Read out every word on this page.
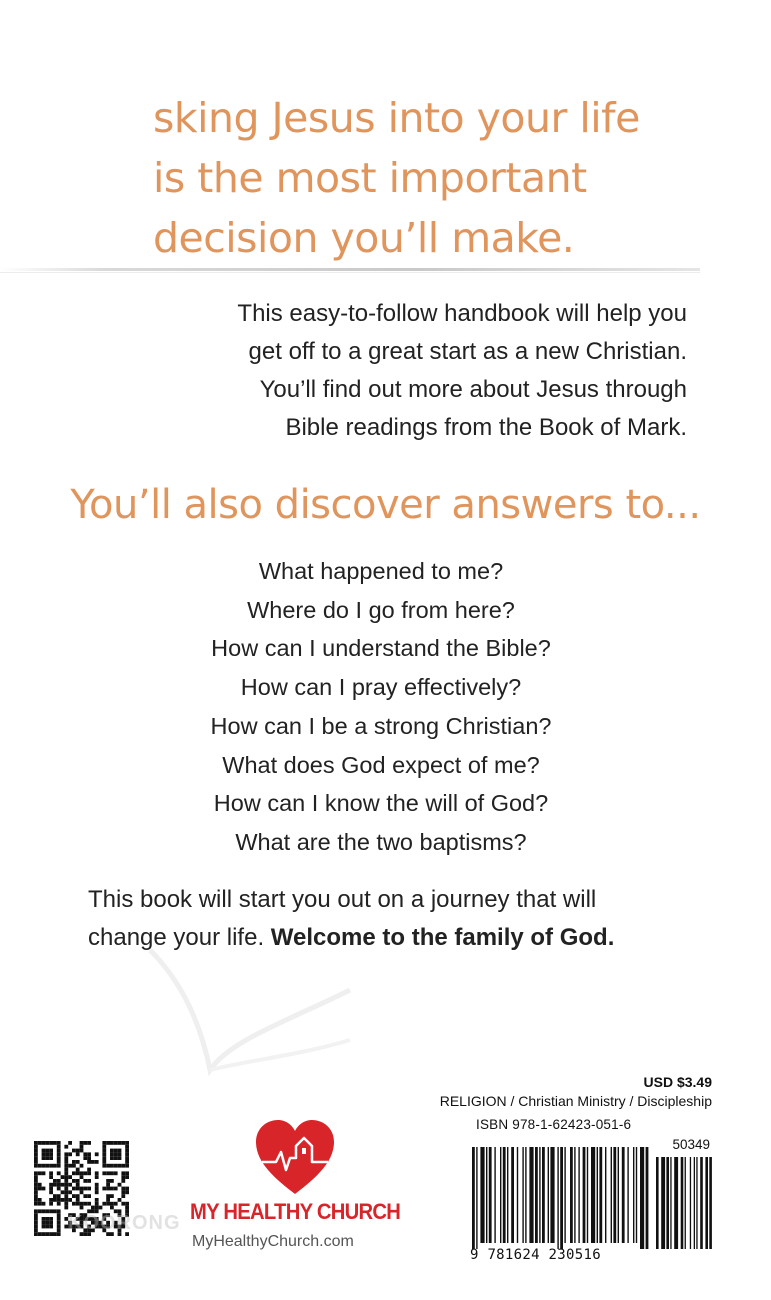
sking Jesus into your life
is the most important
decision you’ll make.
This easy-to-follow handbook will help you
get off to a great start as a new Christian.
You’ll find out more about Jesus through
Bible readings from the Book of Mark.
You’ll also discover answers to...
What happened to me?
Where do I go from here?
How can I understand the Bible?
How can I pray effectively?
How can I be a strong Christian?
What does God expect of me?
How can I know the will of God?
What are the two baptisms?
This book will start you out on a journey that will
change your life. Welcome to the family of God.
USD $3.49
RELIGION / Christian Ministry / Discipleship
ISBN 978-1-62423-051-6
50349
9 781624 230516
MY HEALTHY CHURCH
MyHealthyChurch.com
KOORONG
